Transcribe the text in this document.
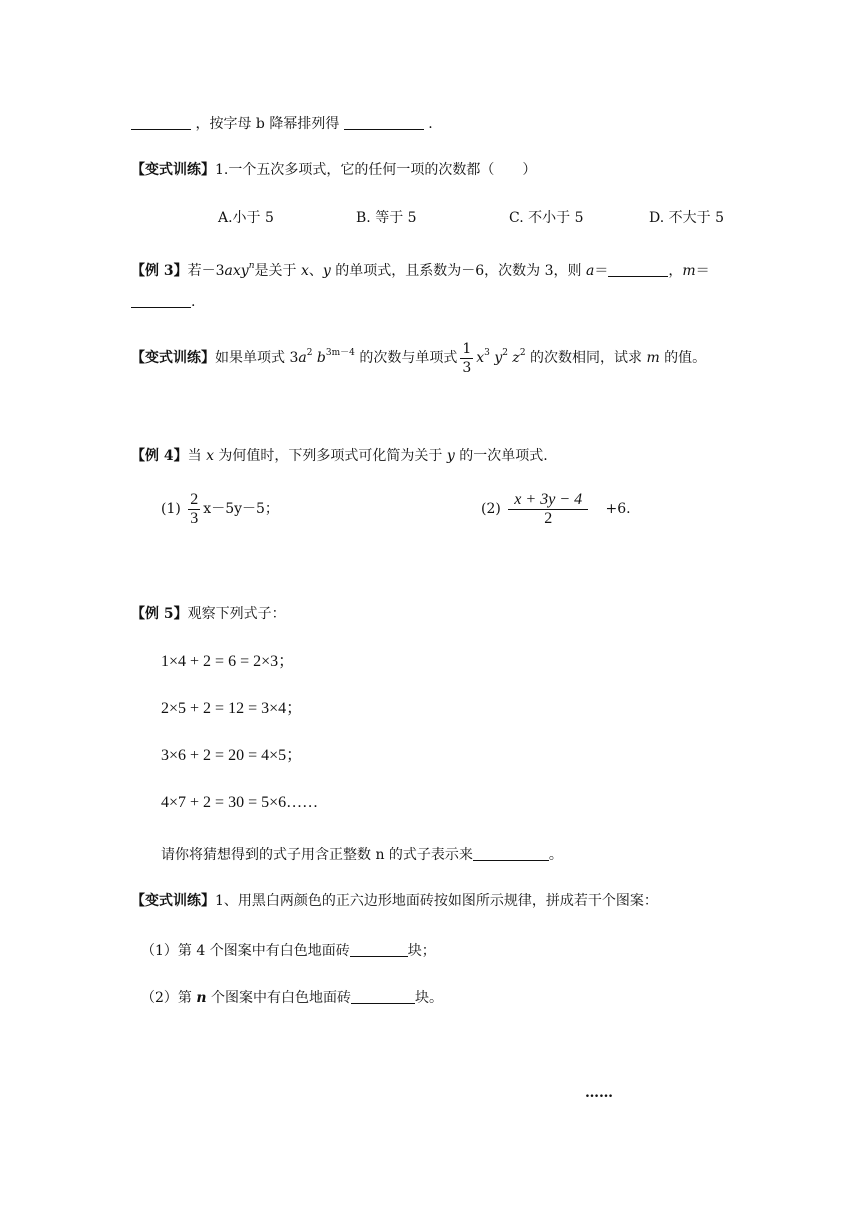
，按字母 b 降幂排列得	.
【变式训练】1.一个五次多项式，它的任何一项的次数都（　　）
A.小于 5	B. 等于 5	C. 不小于 5	D. 不大于 5
【例 3】若－3axy$^n$是关于 x、y 的单项式，且系数为－6，次数为 3，则 a＝	，m＝
.
【变式训练】如果单项式 $3a^2$ $b^{3m-4}$ 的次数与单项式 $\frac{1}{3} x^3$ $y^2$ $z^2$ 的次数相同，试求 m 的值。
【例 4】当 x 为何值时，下列多项式可化简为关于 y 的一次单项式.
$(1) \frac{2}{3} x-5y-5$；	$(2) \frac{x + 3y - 4}{2} +6$.
【例 5】观察下列式子：
1×4 + 2 = 6 = 2×3；
2×5 + 2 = 12 = 3×4；
3×6 + 2 = 20 = 4×5；
4×7 + 2 = 30 = 5×6……
请你将猜想得到的式子用含正整数 n 的式子表示来	。
【变式训练】1、用黑白两颜色的正六边形地面砖按如图所示规律，拼成若干个图案：
（1）第 4 个图案中有白色地面砖	块；
（2）第 n 个图案中有白色地面砖	块。
……
